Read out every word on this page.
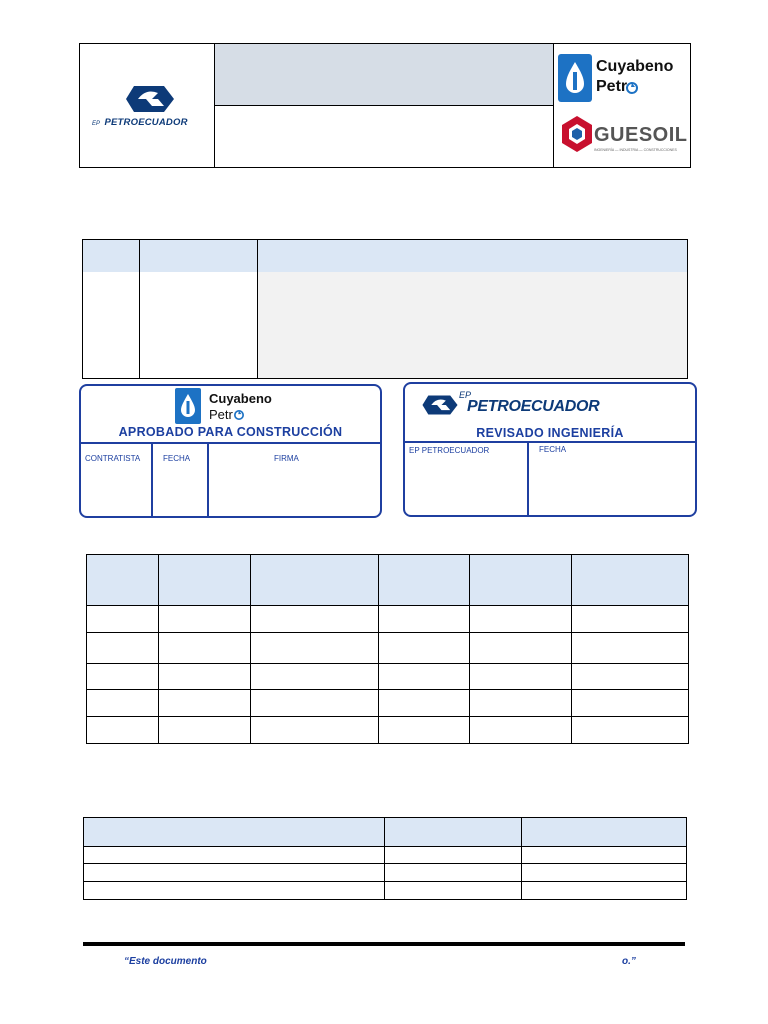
EP PETROECUADOR
Cuyabeno
Petr
GUESOIL
INGENIERÍA — INDUSTRIA — CONSTRUCCIONES
Cuyabeno
Petr
APROBADO PARA CONSTRUCCIÓN
CONTRATISTA	FECHA	FIRMA
EP
PETROECUADOR
REVISADO INGENIERÍA
EP PETROECUADOR	FECHA
“Este documento	o.”
